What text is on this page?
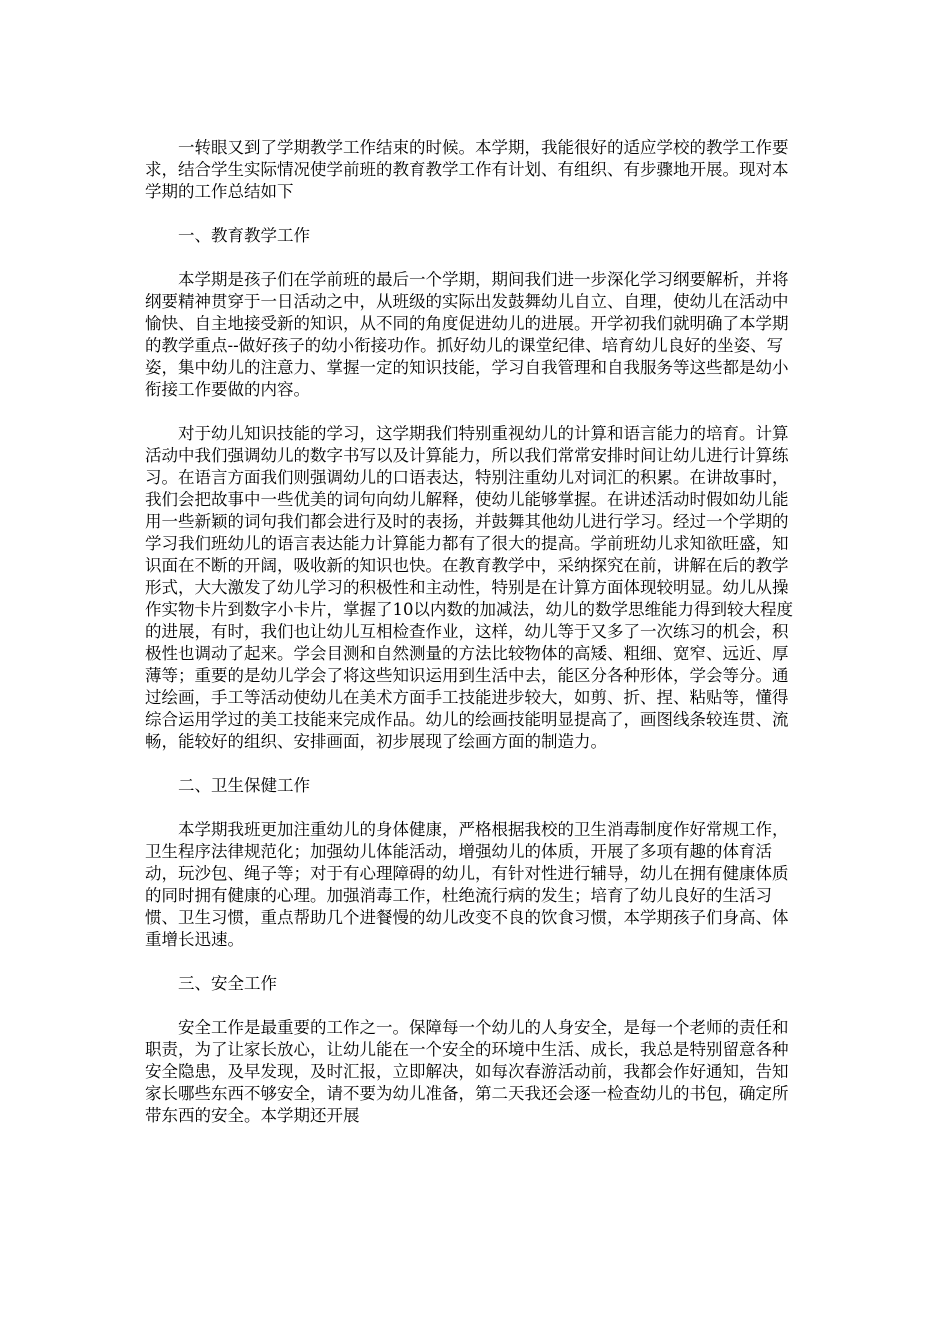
一转眼又到了学期教学工作结束的时候。本学期，我能很好的适应学校的教学工作要求，结合学生实际情况使学前班的教育教学工作有计划、有组织、有步骤地开展。现对本学期的工作总结如下

一、教育教学工作

本学期是孩子们在学前班的最后一个学期，期间我们进一步深化学习纲要解析，并将纲要精神贯穿于一日活动之中，从班级的实际出发鼓舞幼儿自立、自理，使幼儿在活动中愉快、自主地接受新的知识，从不同的角度促进幼儿的进展。开学初我们就明确了本学期的教学重点--做好孩子的幼小衔接功作。抓好幼儿的课堂纪律、培育幼儿良好的坐姿、写姿，集中幼儿的注意力、掌握一定的知识技能，学习自我管理和自我服务等这些都是幼小衔接工作要做的内容。

对于幼儿知识技能的学习，这学期我们特别重视幼儿的计算和语言能力的培育。计算活动中我们强调幼儿的数字书写以及计算能力，所以我们常常安排时间让幼儿进行计算练习。在语言方面我们则强调幼儿的口语表达，特别注重幼儿对词汇的积累。在讲故事时，我们会把故事中一些优美的词句向幼儿解释，使幼儿能够掌握。在讲述活动时假如幼儿能用一些新颖的词句我们都会进行及时的表扬，并鼓舞其他幼儿进行学习。经过一个学期的学习我们班幼儿的语言表达能力计算能力都有了很大的提高。学前班幼儿求知欲旺盛，知识面在不断的开阔，吸收新的知识也快。在教育教学中，采纳探究在前，讲解在后的教学形式，大大激发了幼儿学习的积极性和主动性，特别是在计算方面体现较明显。幼儿从操作实物卡片到数字小卡片，掌握了10以内数的加减法，幼儿的数学思维能力得到较大程度的进展，有时，我们也让幼儿互相检查作业，这样，幼儿等于又多了一次练习的机会，积极性也调动了起来。学会目测和自然测量的方法比较物体的高矮、粗细、宽窄、远近、厚薄等；重要的是幼儿学会了将这些知识运用到生活中去，能区分各种形体，学会等分。通过绘画，手工等活动使幼儿在美术方面手工技能进步较大，如剪、折、捏、粘贴等，懂得综合运用学过的美工技能来完成作品。幼儿的绘画技能明显提高了，画图线条较连贯、流畅，能较好的组织、安排画面，初步展现了绘画方面的制造力。

二、卫生保健工作

本学期我班更加注重幼儿的身体健康，严格根据我校的卫生消毒制度作好常规工作，卫生程序法律规范化；加强幼儿体能活动，增强幼儿的体质，开展了多项有趣的体育活动，玩沙包、绳子等；对于有心理障碍的幼儿，有针对性进行辅导，幼儿在拥有健康体质的同时拥有健康的心理。加强消毒工作，杜绝流行病的发生；培育了幼儿良好的生活习惯、卫生习惯，重点帮助几个进餐慢的幼儿改变不良的饮食习惯，本学期孩子们身高、体重增长迅速。

三、安全工作

安全工作是最重要的工作之一。保障每一个幼儿的人身安全，是每一个老师的责任和职责，为了让家长放心，让幼儿能在一个安全的环境中生活、成长，我总是特别留意各种安全隐患，及早发现，及时汇报，立即解决，如每次春游活动前，我都会作好通知，告知家长哪些东西不够安全，请不要为幼儿准备，第二天我还会逐一检查幼儿的书包，确定所带东西的安全。本学期还开展
